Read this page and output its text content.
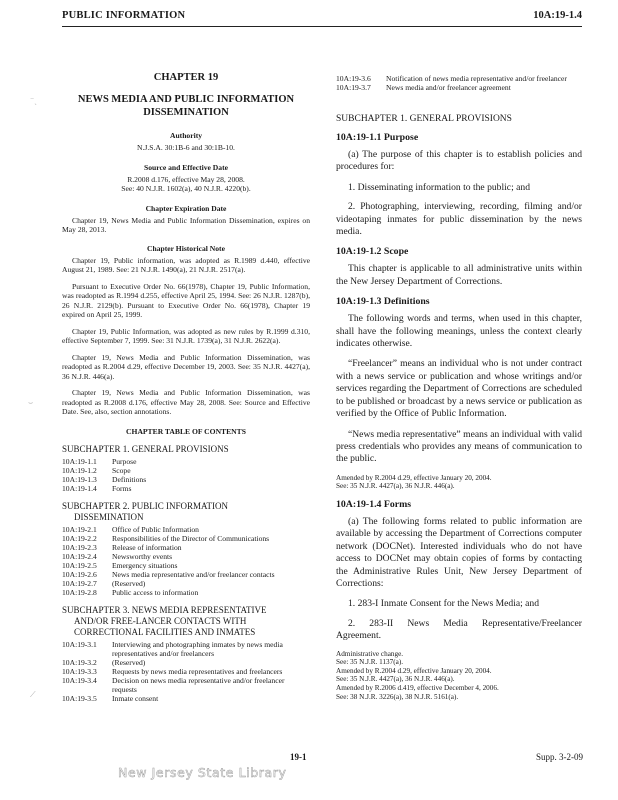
PUBLIC INFORMATION	10A:19-1.4
CHAPTER 19
NEWS MEDIA AND PUBLIC INFORMATION
DISSEMINATION
Authority
N.J.S.A. 30:1B-6 and 30:1B-10.
Source and Effective Date
R.2008 d.176, effective May 28, 2008.
See: 40 N.J.R. 1602(a), 40 N.J.R. 4220(b).
Chapter Expiration Date
Chapter 19, News Media and Public Information Dissemination, expires on May 28, 2013.
Chapter Historical Note
Chapter 19, Public information, was adopted as R.1989 d.440, effective August 21, 1989. See: 21 N.J.R. 1490(a), 21 N.J.R. 2517(a).
Pursuant to Executive Order No. 66(1978), Chapter 19, Public Information, was readopted as R.1994 d.255, effective April 25, 1994. See: 26 N.J.R. 1287(b), 26 N.J.R. 2129(b). Pursuant to Executive Order No. 66(1978), Chapter 19 expired on April 25, 1999.
Chapter 19, Public Information, was adopted as new rules by R.1999 d.310, effective September 7, 1999. See: 31 N.J.R. 1739(a), 31 N.J.R. 2622(a).
Chapter 19, News Media and Public Information Dissemination, was readopted as R.2004 d.29, effective December 19, 2003. See: 35 N.J.R. 4427(a), 36 N.J.R. 446(a).
Chapter 19, News Media and Public Information Dissemination, was readopted as R.2008 d.176, effective May 28, 2008. See: Source and Effective Date. See, also, section annotations.
CHAPTER TABLE OF CONTENTS
SUBCHAPTER 1. GENERAL PROVISIONS
10A:19-1.1	Purpose
10A:19-1.2	Scope
10A:19-1.3	Definitions
10A:19-1.4	Forms
SUBCHAPTER 2. PUBLIC INFORMATION
DISSEMINATION
10A:19-2.1	Office of Public Information
10A:19-2.2	Responsibilities of the Director of Communications
10A:19-2.3	Release of information
10A:19-2.4	Newsworthy events
10A:19-2.5	Emergency situations
10A:19-2.6	News media representative and/or freelancer contacts
10A:19-2.7	(Reserved)
10A:19-2.8	Public access to information
SUBCHAPTER 3. NEWS MEDIA REPRESENTATIVE
AND/OR FREE-LANCER CONTACTS WITH CORRECTIONAL FACILITIES AND INMATES
10A:19-3.1	Interviewing and photographing inmates by news media representatives and/or freelancers
10A:19-3.2	(Reserved)
10A:19-3.3	Requests by news media representatives and freelancers
10A:19-3.4	Decision on news media representative and/or freelancer requests
10A:19-3.5	Inmate consent
10A:19-3.6	Notification of news media representative and/or freelancer
10A:19-3.7	News media and/or freelancer agreement
SUBCHAPTER 1. GENERAL PROVISIONS
10A:19-1.1 Purpose
(a) The purpose of this chapter is to establish policies and procedures for:
1. Disseminating information to the public; and
2. Photographing, interviewing, recording, filming and/or videotaping inmates for public dissemination by the news media.
10A:19-1.2 Scope
This chapter is applicable to all administrative units within the New Jersey Department of Corrections.
10A:19-1.3 Definitions
The following words and terms, when used in this chapter, shall have the following meanings, unless the context clearly indicates otherwise.
“Freelancer” means an individual who is not under contract with a news service or publication and whose writings and/or services regarding the Department of Corrections are scheduled to be published or broadcast by a news service or publication as verified by the Office of Public Information.
“News media representative” means an individual with valid press credentials who provides any means of communication to the public.
Amended by R.2004 d.29, effective January 20, 2004.
See: 35 N.J.R. 4427(a), 36 N.J.R. 446(a).
10A:19-1.4 Forms
(a) The following forms related to public information are available by accessing the Department of Corrections computer network (DOCNet). Interested individuals who do not have access to DOCNet may obtain copies of forms by contacting the Administrative Rules Unit, New Jersey Department of Corrections:
1. 283-I Inmate Consent for the News Media; and
2. 283-II News Media Representative/Freelancer Agreement.
Administrative change.
See: 35 N.J.R. 1137(a).
Amended by R.2004 d.29, effective January 20, 2004.
See: 35 N.J.R. 4427(a), 36 N.J.R. 446(a).
Amended by R.2006 d.419, effective December 4, 2006.
See: 38 N.J.R. 3226(a), 38 N.J.R. 5161(a).
19-1	Supp. 3-2-09
New Jersey State Library
⁻ˎ
⌣
⟋
